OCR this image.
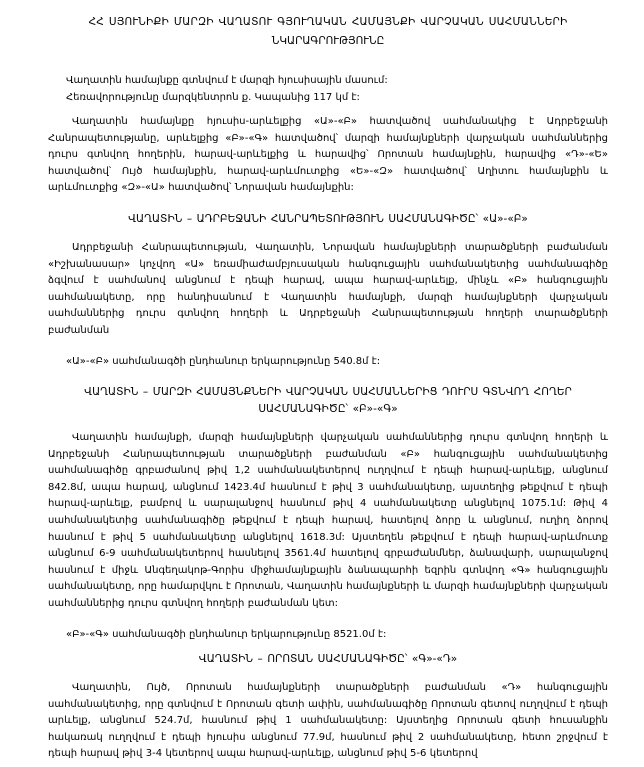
ՀՀ ՍՅՈՒՆԻՔԻ ՄԱՐԶԻ ՎԱՂԱՏՈՒ ԳՅՈՒՂԱԿԱՆ ՀԱՄԱՅՆՔԻ ՎԱՐՉԱԿԱՆ ՍԱՀՄԱՆՆԵՐԻ
ՆԿԱՐԱԳՐՈՒԹՅՈՒՆԸ

Վաղատին համայնքը գտնվում է մարզի հյուսիսային մասում:

Հեռավորությունը մարզկենտրոն ք. Կապանից 117 կմ է:

Վաղատին համայնքը հյուսիս-արևելքից «Ա»-«Բ» հատվածով սահմանակից է Ադրբեջանի Հանրապետությանը, արևելքից «Բ»-«Գ» հատվածով՝ մարզի համայնքների վարչական սահմաններից դուրս գտնվող հողերին, հարավ-արևելքից և հարավից՝ Որոտան համայնքին, հարավից «Դ»-«Ե» հատվածով՝ Ույծ համայնքին, հարավ-արևմուտքից «Ե»-«Զ» հատվածով՝ Աղիտու համայնքին և արևմուտքից «Զ»-«Ա» հատվածով՝ Նորավան համայնքին:

ՎԱՂԱՏԻՆ – ԱԴՐԲԵՋԱՆԻ ՀԱՆՐԱՊԵՏՈՒԹՅՈՒՆ ՍԱՀՄԱՆԱԳԻԾԸ՝ «Ա»-«Բ»

Ադրբեջանի Հանրապետության, Վաղատին, Նորավան համայնքների տարածքների բաժանման «Իշխանասար» կոչվող «Ա» եռամիաժամբյուսական հանգուցային սահմանակետից սահմանագիծը ձգվում է սահմանով անցնում է դեպի հարավ, ապա հարավ-արևելք, մինչև «Բ» հանգուցային սահմանակետը, որը հանդիսանում է Վաղատին համայնքի, մարզի համայնքների վարչական սահմաններից դուրս գտնվող հողերի և Ադրբեջանի Հանրապետության հողերի տարածքների բաժանման

«Ա»-«Բ» սահմանագծի ընդհանուր երկարությունը 540.8մ է:

ՎԱՂԱՏԻՆ – ՄԱՐԶԻ ՀԱՄԱՅՆՔՆԵՐԻ ՎԱՐՉԱԿԱՆ ՍԱՀՄԱՆՆԵՐԻՑ ԴՈՒՐՍ ԳՏՆՎՈՂ ՀՈՂԵՐ
ՍԱՀՄԱՆԱԳԻԾԸ՝ «Բ»-«Գ»

Վաղատին համայնքի, մարզի համայնքների վարչական սահմաններից դուրս գտնվող հողերի և Ադրբեջանի Հանրապետության տարածքների բաժանման «Բ» հանգուցային սահմանակետից սահմանագիծը գրբաժանով թիվ 1,2 սահմանակետերով ուղղվում է դեպի հարավ-արևելք, անցնում 842.8մ, ապա հարավ, անցնում 1423.4մ հասնում է թիվ 3 սահմանակետը, այստեղից թեքվում է դեպի հարավ-արևելք, բամբով և սարալանջով հասնում թիվ 4 սահմանակետը անցնելով 1075.1մ: Թիվ 4 սահմանակետից սահմանագիծը թեքվում է դեպի հարավ, հատելով ձորը և անցնում, ուղիղ ձորով հասնում է թիվ 5 սահմանակետը անցնելով 1618.3մ: Այստեղեն թեքվում է դեպի հարավ-արևմուտք անցնում 6-9 սահմանակետերով հասնելով 3561.4մ հատելով գրբաժանմներ, ձանավարի, սարալանջով հասնում է միջև Անգեղակոթ-Գորիս միջհամայնքային ձանապարհի եզրին գտնվող «Գ» հանգուցային սահմանակետը, որը համարվկու է Որոտան, Վաղատին համայնքների և մարզի համայնքների վարչական սահմաններից դուրս գտնվող հողերի բաժանման կետ:

«Բ»-«Գ» սահմանագծի ընդհանուր երկարությունը 8521.0մ է:

ՎԱՂԱՏԻՆ – ՈՐՈՏԱՆ ՍԱՀՄԱՆԱԳԻԾԸ՝ «Գ»-«Դ»

Վաղատին, Ույծ, Որոտան համայնքների տարածքների բաժանման «Դ» հանգուցային սահմանակետից, որը գտնվում է Որոտան գետի ափին, սահմանագիծը Որոտան գետով ուղղվում է դեպի արևելք, անցնում 524.7մ, հասնում թիվ 1 սահմանակետը: Այստեղից Որոտան գետի հուսանքին հակառակ ուղղվում է դեպի հյուսիս անցնում 77.9մ, հասնում թիվ 2 սահմանակետը, հետո շրջվում է դեպի հարավ թիվ 3-4 կետերով ապա հարավ-արևելք, անցնում թիվ 5-6 կետերով
